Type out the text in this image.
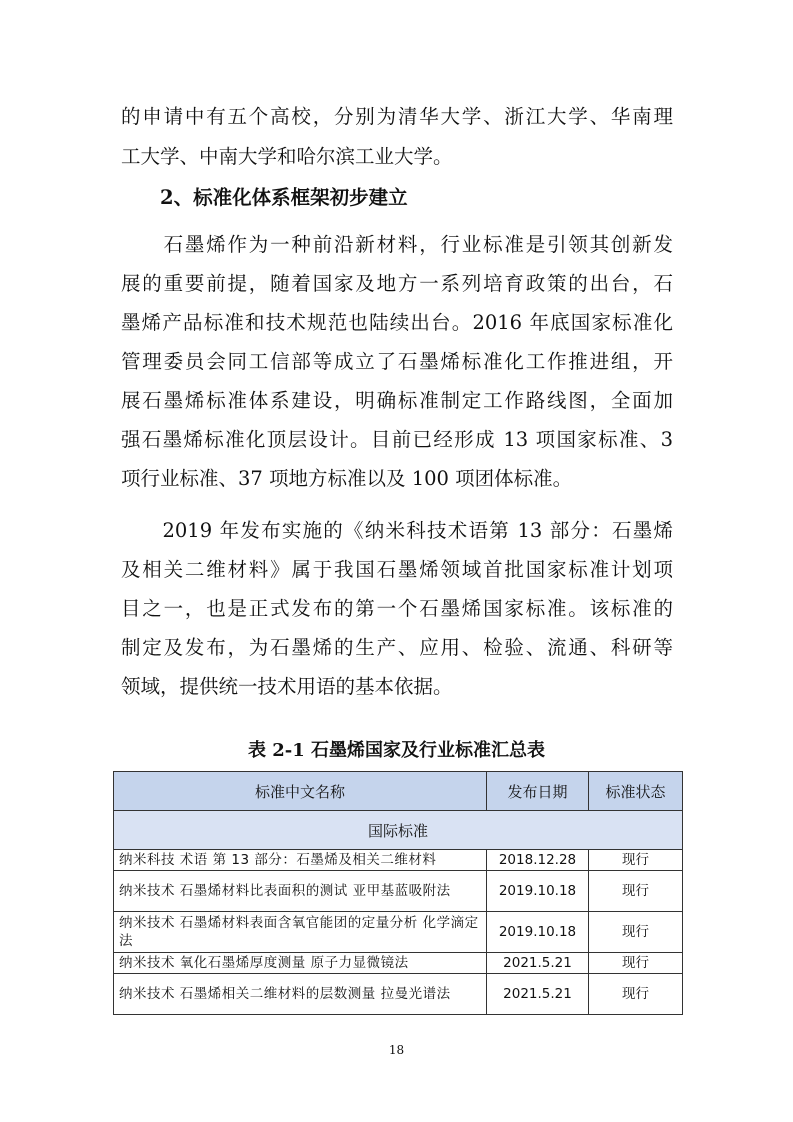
的申请中有五个高校，分别为清华大学、浙江大学、华南理
工大学、中南大学和哈尔滨工业大学。
2、标准化体系框架初步建立
　　石墨烯作为一种前沿新材料，行业标准是引领其创新发
展的重要前提，随着国家及地方一系列培育政策的出台，石
墨烯产品标准和技术规范也陆续出台。2016 年底国家标准化
管理委员会同工信部等成立了石墨烯标准化工作推进组，开
展石墨烯标准体系建设，明确标准制定工作路线图，全面加
强石墨烯标准化顶层设计。目前已经形成 13 项国家标准、3
项行业标准、37 项地方标准以及 100 项团体标准。
　　2019 年发布实施的《纳米科技术语第 13 部分：石墨烯
及相关二维材料》属于我国石墨烯领域首批国家标准计划项
目之一，也是正式发布的第一个石墨烯国家标准。该标准的
制定及发布，为石墨烯的生产、应用、检验、流通、科研等
领域，提供统一技术用语的基本依据。
表 2-1 石墨烯国家及行业标准汇总表
标准中文名称	发布日期	标准状态
国际标准		
纳米科技 术语 第 13 部分：石墨烯及相关二维材料	2018.12.28	现行
纳米技术 石墨烯材料比表面积的测试 亚甲基蓝吸附法	2019.10.18	现行
纳米技术 石墨烯材料表面含氧官能团的定量分析 化学滴定法	2019.10.18	现行
纳米技术 氧化石墨烯厚度测量 原子力显微镜法	2021.5.21	现行
纳米技术 石墨烯相关二维材料的层数测量 拉曼光谱法	2021.5.21	现行
18
